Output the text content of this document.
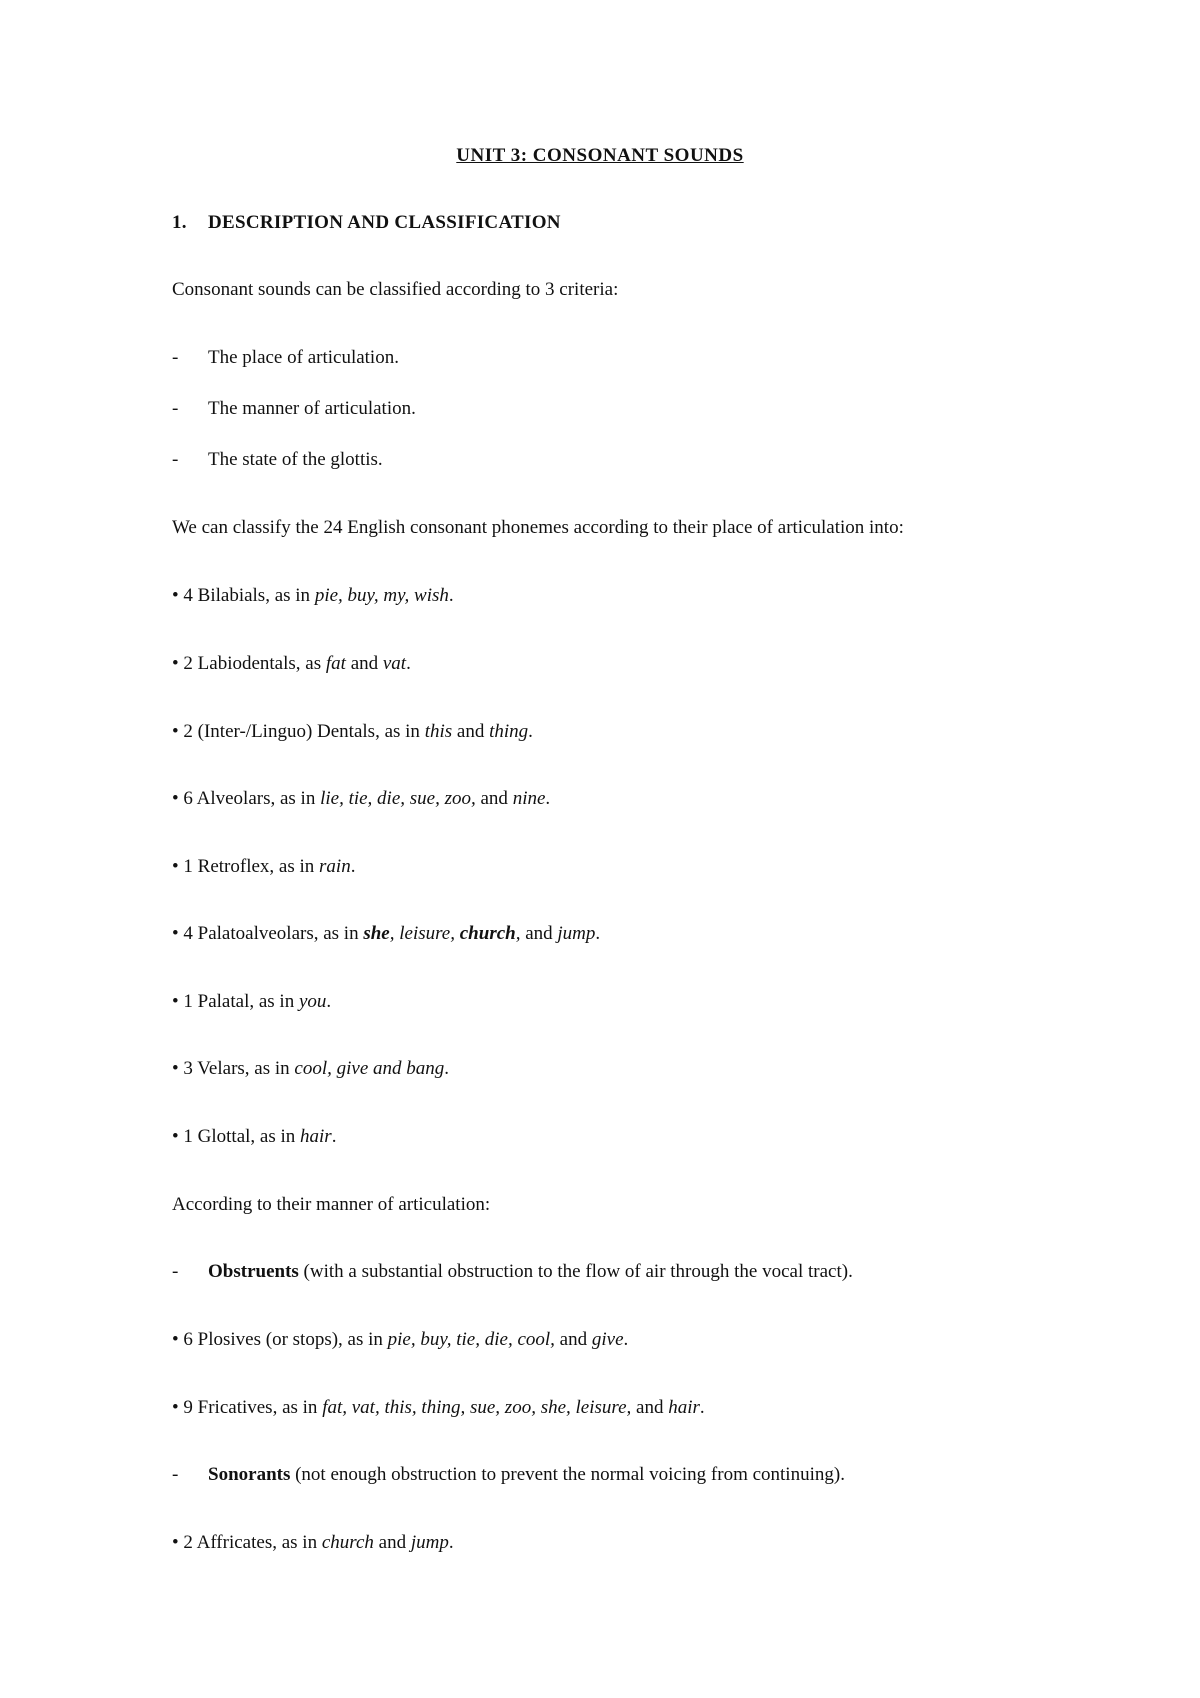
UNIT 3: CONSONANT SOUNDS
1. DESCRIPTION AND CLASSIFICATION
Consonant sounds can be classified according to 3 criteria:
- The place of articulation.
- The manner of articulation.
- The state of the glottis.
We can classify the 24 English consonant phonemes according to their place of articulation into:
• 4 Bilabials, as in pie, buy, my, wish.
• 2 Labiodentals, as fat and vat.
• 2 (Inter-/Linguo) Dentals, as in this and thing.
• 6 Alveolars, as in lie, tie, die, sue, zoo, and nine.
• 1 Retroflex, as in rain.
• 4 Palatoalveolars, as in she, leisure, church, and jump.
• 1 Palatal, as in you.
• 3 Velars, as in cool, give and bang.
• 1 Glottal, as in hair.
According to their manner of articulation:
- Obstruents (with a substantial obstruction to the flow of air through the vocal tract).
• 6 Plosives (or stops), as in pie, buy, tie, die, cool, and give.
• 9 Fricatives, as in fat, vat, this, thing, sue, zoo, she, leisure, and hair.
- Sonorants (not enough obstruction to prevent the normal voicing from continuing).
• 2 Affricates, as in church and jump.
